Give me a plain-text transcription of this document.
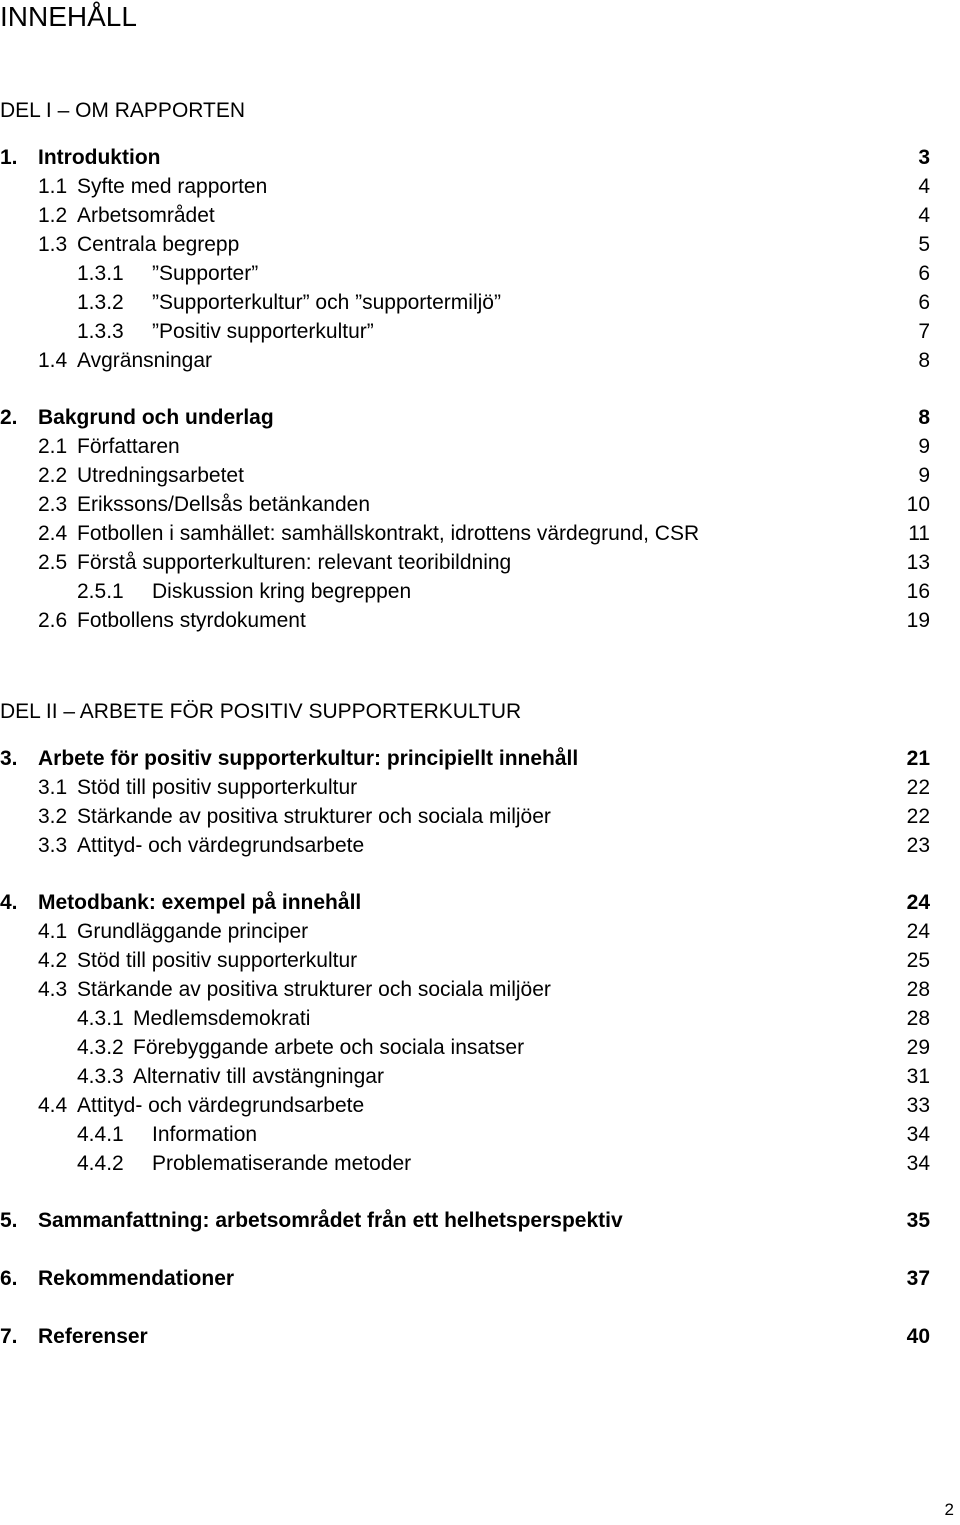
INNEHÅLL
DEL I – OM RAPPORTEN
DEL II – ARBETE FÖR POSITIV SUPPORTERKULTUR
1. Introduktion	3
1.1 Syfte med rapporten	4
1.2 Arbetsområdet	4
1.3 Centrala begrepp	5
1.3.1 ”Supporter”	6
1.3.2 ”Supporterkultur” och ”supportermiljö”	6
1.3.3 ”Positiv supporterkultur”	7
1.4 Avgränsningar	8
2. Bakgrund och underlag	8
2.1 Författaren	9
2.2 Utredningsarbetet	9
2.3 Erikssons/Dellsås betänkanden	10
2.4 Fotbollen i samhället: samhällskontrakt, idrottens värdegrund, CSR	11
2.5 Förstå supporterkulturen: relevant teoribildning	13
2.5.1 Diskussion kring begreppen	16
2.6 Fotbollens styrdokument	19
3. Arbete för positiv supporterkultur: principiellt innehåll	21
3.1 Stöd till positiv supporterkultur	22
3.2 Stärkande av positiva strukturer och sociala miljöer	22
3.3 Attityd- och värdegrundsarbete	23
4. Metodbank: exempel på innehåll	24
4.1 Grundläggande principer	24
4.2 Stöd till positiv supporterkultur	25
4.3 Stärkande av positiva strukturer och sociala miljöer	28
4.3.1 Medlemsdemokrati	28
4.3.2 Förebyggande arbete och sociala insatser	29
4.3.3 Alternativ till avstängningar	31
4.4 Attityd- och värdegrundsarbete	33
4.4.1 Information	34
4.4.2 Problematiserande metoder	34
5. Sammanfattning: arbetsområdet från ett helhetsperspektiv	35
6. Rekommendationer	37
7. Referenser	40
2
